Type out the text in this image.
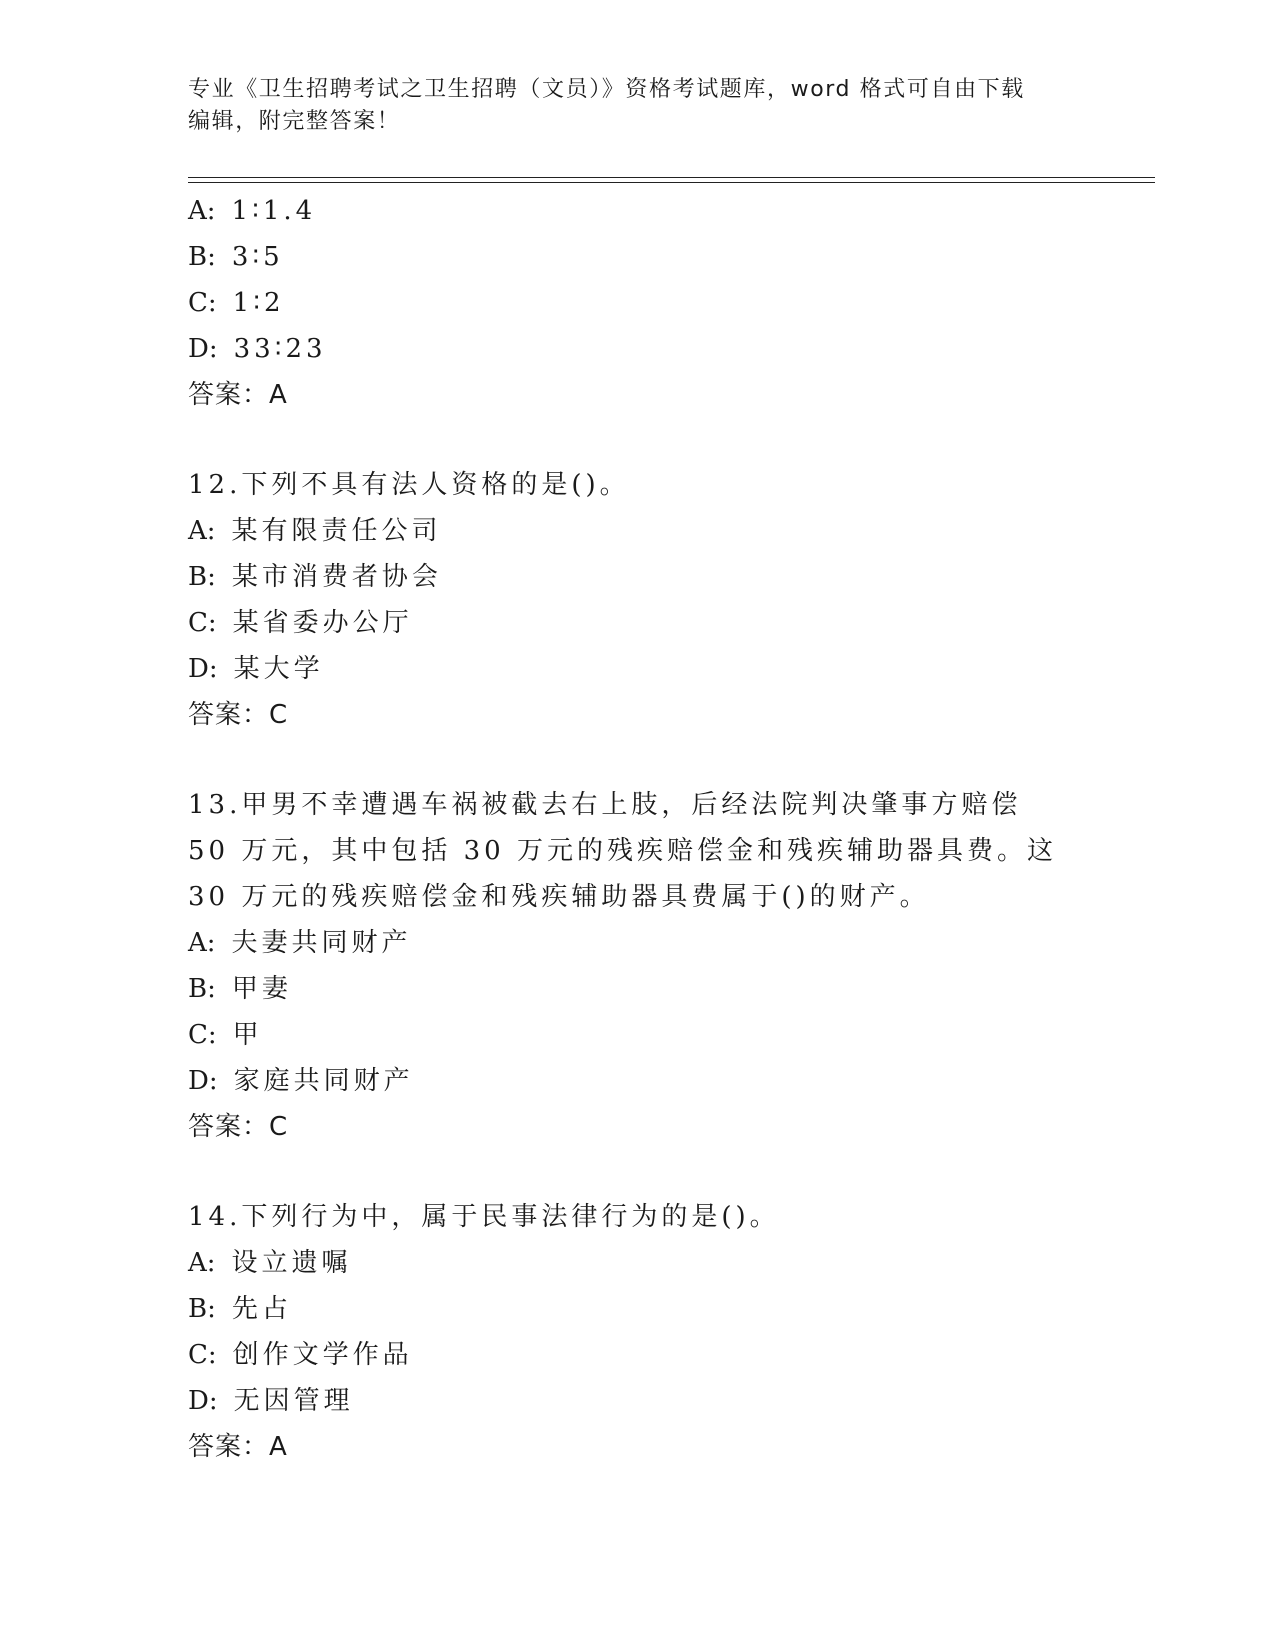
专业《卫生招聘考试之卫生招聘（文员）》资格考试题库，word 格式可自由下载
编辑，附完整答案！
A: 1∶1.4
B: 3∶5
C: 1∶2
D: 33∶23
答案：A
12.下列不具有法人资格的是()。
A: 某有限责任公司
B: 某市消费者协会
C: 某省委办公厅
D: 某大学
答案：C
13.甲男不幸遭遇车祸被截去右上肢，后经法院判决肇事方赔偿 50 万元，其中包括 30 万元的残疾赔偿金和残疾辅助器具费。这 30 万元的残疾赔偿金和残疾辅助器具费属于()的财产。
A: 夫妻共同财产
B: 甲妻
C: 甲
D: 家庭共同财产
答案：C
14.下列行为中，属于民事法律行为的是()。
A: 设立遗嘱
B: 先占
C: 创作文学作品
D: 无因管理
答案：A
